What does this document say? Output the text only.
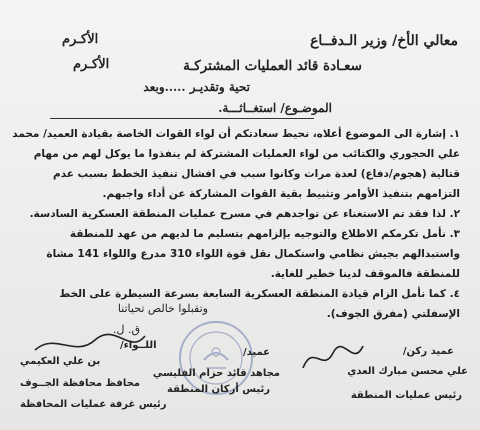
معالي الأخ/ وزير الـدفــاع
سعـادة قائد العمليات المشتركـة
تحية وتقديـر .....وبعد
الأكـرم
الأكـرم
الموضـوع/ استغــاثـــة.

١. إشارة الى الموضوع أعلاه، نحيط سعادتكم أن لواء القوات الخاصة بقيادة العميد/ محمد علي الحجوري والكتائب من لواء العمليات المشتركة لم ينفذوا ما يوكل لهم من مهام قتالية (هجوم/دفاع) لعدة مرات وكانوا سبب في افشال تنفيذ الخطط بسبب عدم التزامهم بتنفيذ الأوامر وتثبيط بقية القوات المشاركة عن أداء واجبهم.

٢. لذا فقد تم الاستغناء عن تواجدهم في مسرح عمليات المنطقة العسكرية السادسة.

٣. نأمل تكرمكم الاطلاع والتوجيه بإلزامهم بتسليم ما لديهم من عهد للمنطقة واستبدالهم بجيش نظامي واستكمال نقل قوة اللواء 310 مدرع واللواء 141 مشاة للمنطقة فالموقف لدينا خطير للغاية.

٤. كما نأمل الزام قيادة المنطقة العسكرية السابعة بسرعة السيطرة على الخط الإسفلتي (مفرق الجوف).

وتقبلوا خالص تحياتنا
ق. ل.
عميد ركن/
علي محسن مبارك العدي
رئيس عمليات المنطقة
عميد/
مجاهد قائد حزام الفليسي
رئيس أركان المنطقة
اللــواء/
بن علي العكيمي
محافظ محافظة الجــوف
رئيس غرفة عمليات المحافظة
